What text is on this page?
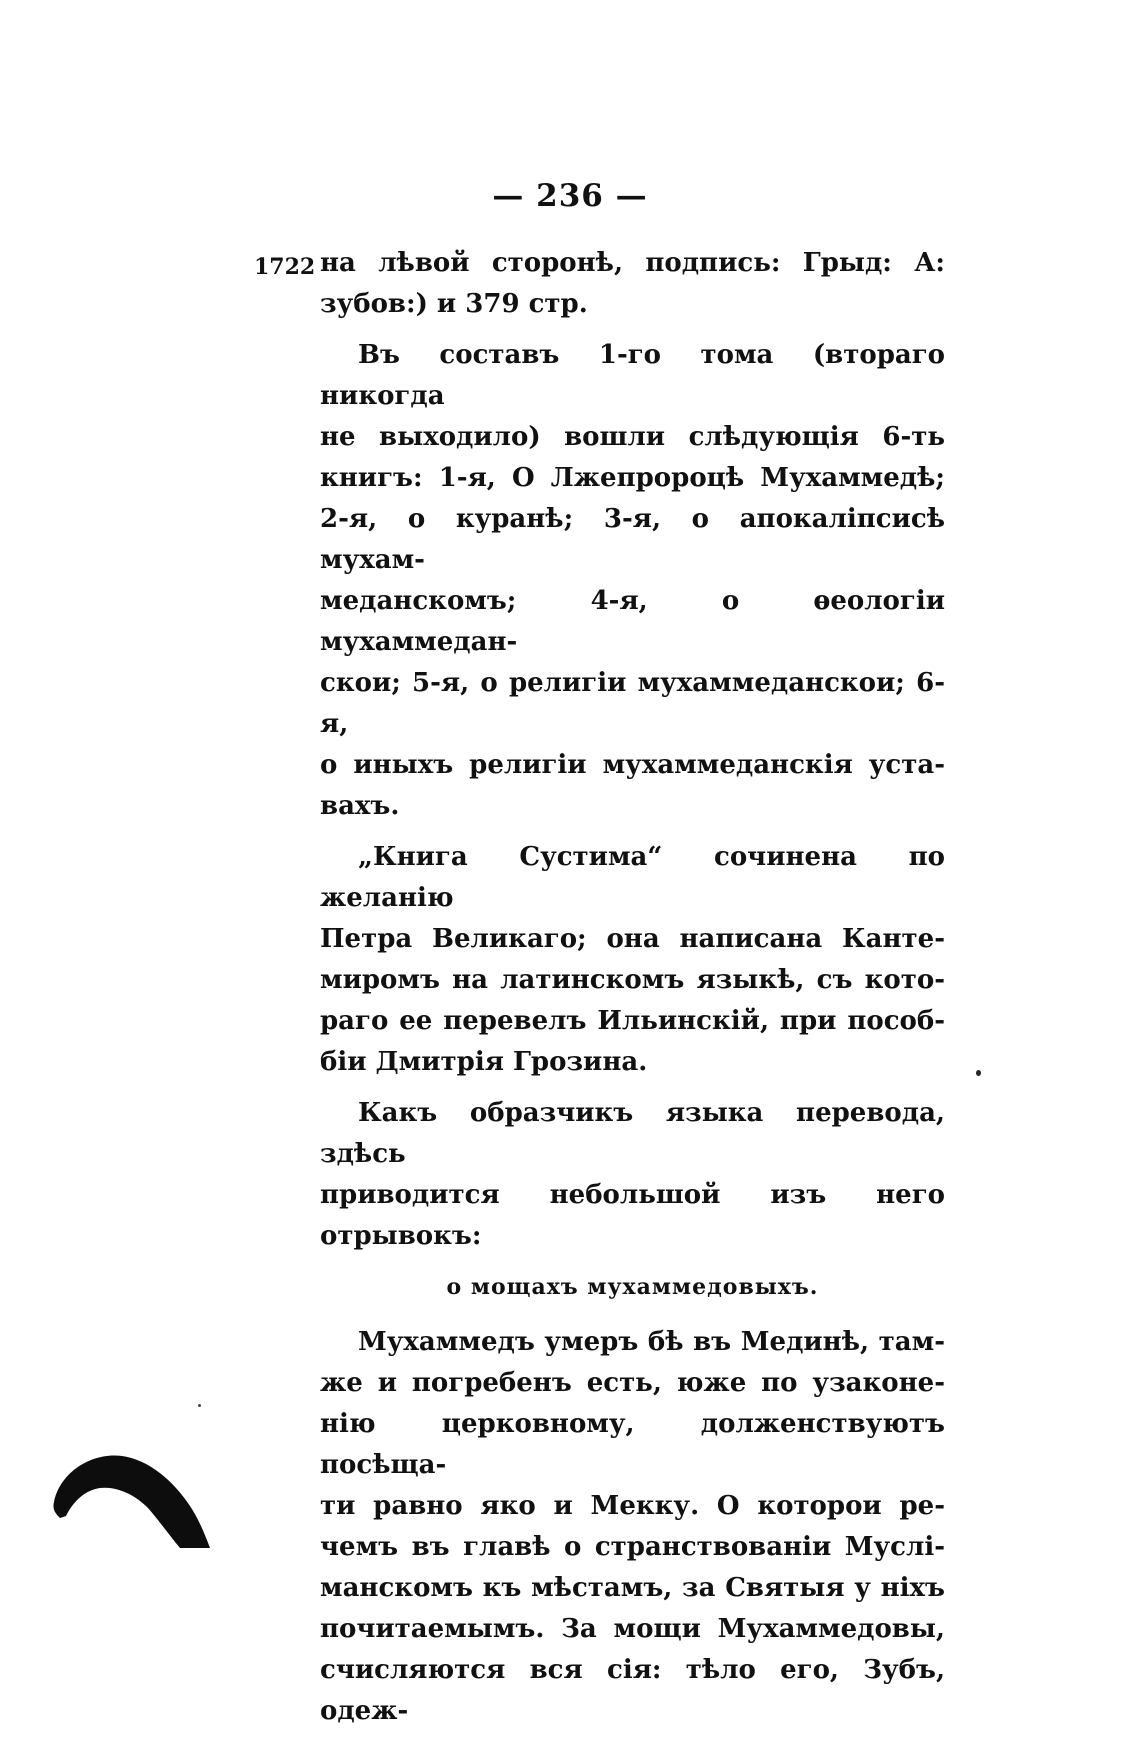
— 236 —
1722 на лѣвой сторонѣ, подпись: Грыд: А:
зубов:) и 379 стр.

Въ составъ 1-го тома (втораго никогда
не выходило) вошли слѣдующія 6-ть
книгъ: 1-я, О Лжепророцѣ Мухаммедѣ;
2-я, о куранѣ; 3-я, о апокаліпсисѣ мухам-
меданскомъ; 4-я, о ѳеологіи мухаммедан-
скои; 5-я, о религіи мухаммеданскои; 6-я,
о иныхъ религіи мухаммеданскія уста-
вахъ.

„Книга Сустима“ сочинена по желанію
Петра Великаго; она написана Канте-
миромъ на латинскомъ языкѣ, съ кото-
раго ее перевелъ Ильинскій, при пособ-
біи Дмитрія Грозина.

Какъ образчикъ языка перевода, здѣсь
приводится небольшой изъ него отрывокъ:

о мощахъ мухаммедовыхъ.

Мухаммедъ умеръ бѣ въ Мединѣ, там-
же и погребенъ есть, юже по узаконе-
нію церковному, долженствуютъ посѣща-
ти равно яко и Мекку. О которои ре-
чемъ въ главѣ о странствованіи Муслі-
манскомъ къ мѣстамъ, за Святыя у ніхъ
почитаемымъ. За мощи Мухаммедовы,
счисляются вся сія: тѣло его, Зубъ, одеж-
